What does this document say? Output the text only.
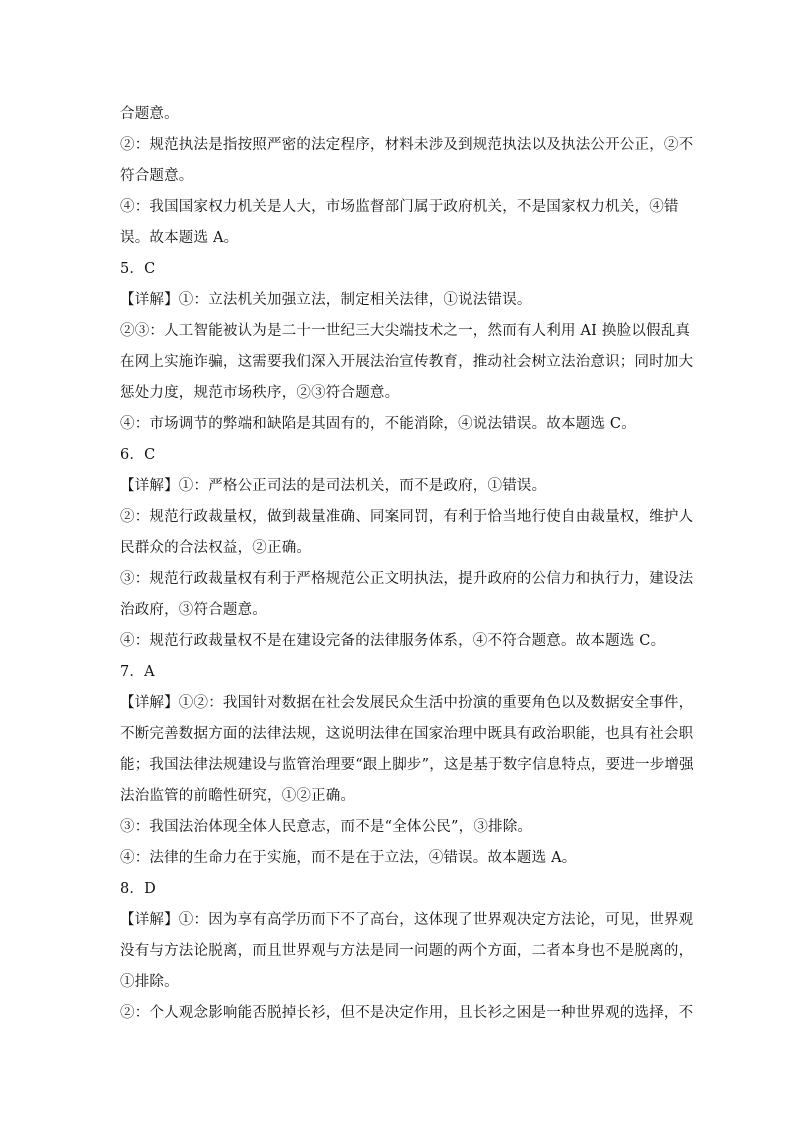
合题意。
②：规范执法是指按照严密的法定程序，材料未涉及到规范执法以及执法公开公正，②不
符合题意。
④：我国国家权力机关是人大，市场监督部门属于政府机关，不是国家权力机关，④错
误。故本题选 A。
5．C
【详解】①：立法机关加强立法，制定相关法律，①说法错误。
②③：人工智能被认为是二十一世纪三大尖端技术之一，然而有人利用 AI 换脸以假乱真
在网上实施诈骗，这需要我们深入开展法治宣传教育，推动社会树立法治意识；同时加大
惩处力度，规范市场秩序，②③符合题意。
④：市场调节的弊端和缺陷是其固有的，不能消除，④说法错误。故本题选 C。
6．C
【详解】①：严格公正司法的是司法机关，而不是政府，①错误。
②：规范行政裁量权，做到裁量准确、同案同罚，有利于恰当地行使自由裁量权，维护人
民群众的合法权益，②正确。
③：规范行政裁量权有利于严格规范公正文明执法，提升政府的公信力和执行力，建设法
治政府，③符合题意。
④：规范行政裁量权不是在建设完备的法律服务体系，④不符合题意。故本题选 C。
7．A
【详解】①②：我国针对数据在社会发展民众生活中扮演的重要角色以及数据安全事件，
不断完善数据方面的法律法规，这说明法律在国家治理中既具有政治职能，也具有社会职
能；我国法律法规建设与监管治理要“跟上脚步”，这是基于数字信息特点，要进一步增强
法治监管的前瞻性研究，①②正确。
③：我国法治体现全体人民意志，而不是“全体公民”，③排除。
④：法律的生命力在于实施，而不是在于立法，④错误。故本题选 A。
8．D
【详解】①：因为享有高学历而下不了高台，这体现了世界观决定方法论，可见，世界观
没有与方法论脱离，而且世界观与方法是同一问题的两个方面，二者本身也不是脱离的，
①排除。
②：个人观念影响能否脱掉长衫，但不是决定作用，且长衫之困是一种世界观的选择，不
